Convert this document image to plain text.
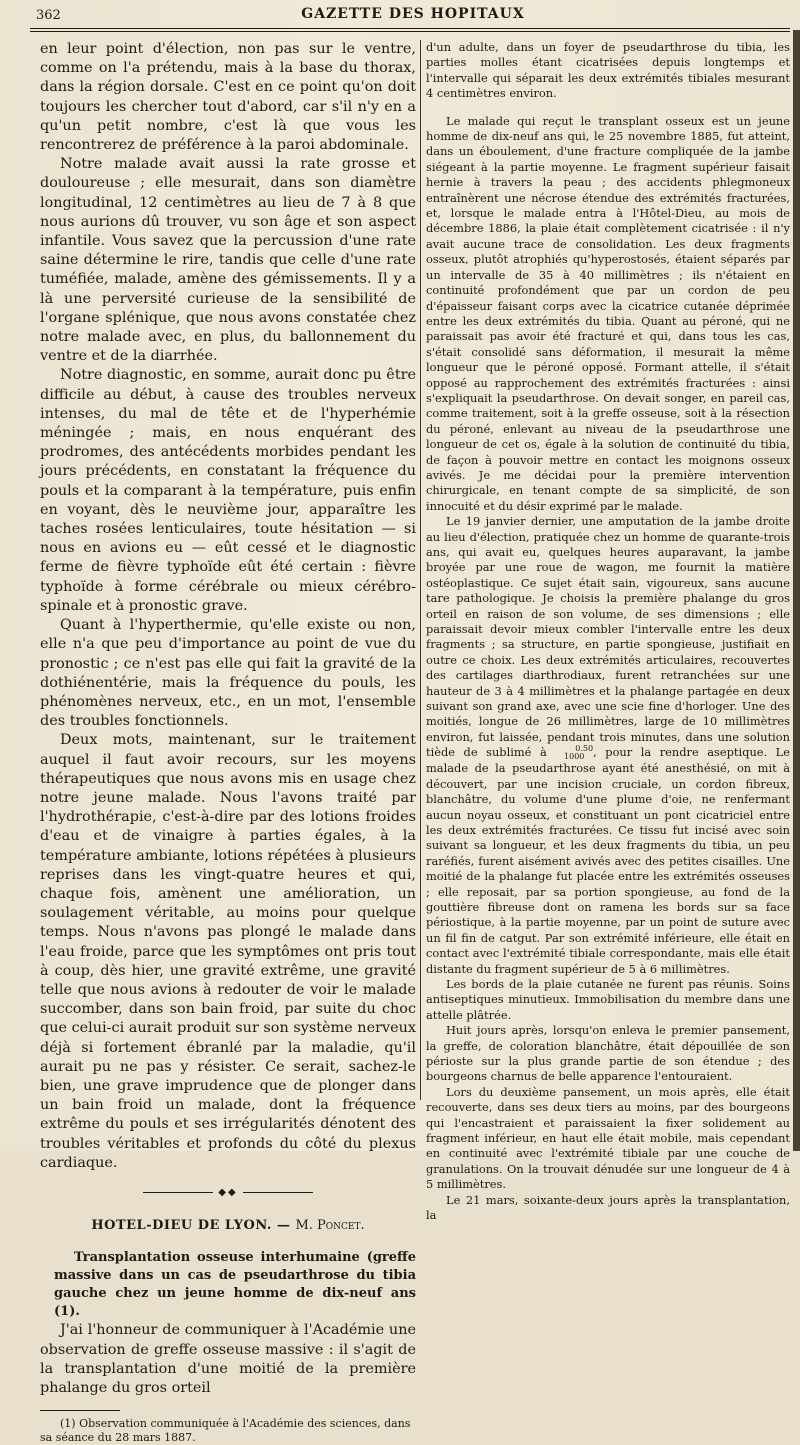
362	GAZETTE DES HOPITAUX

en leur point d'élection, non pas sur le ventre, comme on l'a prétendu, mais à la base du thorax, dans la région dorsale. C'est en ce point qu'on doit toujours les chercher tout d'abord, car s'il n'y en a qu'un petit nombre, c'est là que vous les rencontrerez de préférence à la paroi abdominale.

Notre malade avait aussi la rate grosse et douloureuse ; elle mesurait, dans son diamètre longitudinal, 12 centimètres au lieu de 7 à 8 que nous aurions dû trouver, vu son âge et son aspect infantile. Vous savez que la percussion d'une rate saine détermine le rire, tandis que celle d'une rate tuméfiée, malade, amène des gémissements. Il y a là une perversité curieuse de la sensibilité de l'organe splénique, que nous avons constatée chez notre malade avec, en plus, du ballonnement du ventre et de la diarrhée.

Notre diagnostic, en somme, aurait donc pu être difficile au début, à cause des troubles nerveux intenses, du mal de tête et de l'hyperhémie méningée ; mais, en nous enquérant des prodromes, des antécédents morbides pendant les jours précédents, en constatant la fréquence du pouls et la comparant à la température, puis enfin en voyant, dès le neuvième jour, apparaître les taches rosées lenticulaires, toute hésitation — si nous en avions eu — eût cessé et le diagnostic ferme de fièvre typhoïde eût été certain : fièvre typhoïde à forme cérébrale ou mieux cérébro-spinale et à pronostic grave.

Quant à l'hyperthermie, qu'elle existe ou non, elle n'a que peu d'importance au point de vue du pronostic ; ce n'est pas elle qui fait la gravité de la dothiénentérie, mais la fréquence du pouls, les phénomènes nerveux, etc., en un mot, l'ensemble des troubles fonctionnels.

Deux mots, maintenant, sur le traitement auquel il faut avoir recours, sur les moyens thérapeutiques que nous avons mis en usage chez notre jeune malade. Nous l'avons traité par l'hydrothérapie, c'est-à-dire par des lotions froides d'eau et de vinaigre à parties égales, à la température ambiante, lotions répétées à plusieurs reprises dans les vingt-quatre heures et qui, chaque fois, amènent une amélioration, un soulagement véritable, au moins pour quelque temps. Nous n'avons pas plongé le malade dans l'eau froide, parce que les symptômes ont pris tout à coup, dès hier, une gravité extrême, une gravité telle que nous avions à redouter de voir le malade succomber, dans son bain froid, par suite du choc que celui-ci aurait produit sur son système nerveux déjà si fortement ébranlé par la maladie, qu'il aurait pu ne pas y résister. Ce serait, sachez-le bien, une grave imprudence que de plonger dans un bain froid un malade, dont la fréquence extrême du pouls et ses irrégularités dénotent des troubles véritables et profonds du côté du plexus cardiaque.

◆◆
HOTEL-DIEU DE LYON. — M. Poncet.

Transplantation osseuse interhumaine (greffe massive dans un cas de pseudarthrose du tibia gauche chez un jeune homme de dix-neuf ans (1).

J'ai l'honneur de communiquer à l'Académie une observation de greffe osseuse massive : il s'agit de la transplantation d'une moitié de la première phalange du gros orteil

(1) Observation communiquée à l'Académie des sciences, dans sa séance du 28 mars 1887.

d'un adulte, dans un foyer de pseudarthrose du tibia, les parties molles étant cicatrisées depuis longtemps et l'intervalle qui séparait les deux extrémités tibiales mesurant 4 centimètres environ.

Le malade qui reçut le transplant osseux est un jeune homme de dix-neuf ans qui, le 25 novembre 1885, fut atteint, dans un éboulement, d'une fracture compliquée de la jambe siégeant à la partie moyenne. Le fragment supérieur faisait hernie à travers la peau ; des accidents phlegmoneux entraînèrent une nécrose étendue des extrémités fracturées, et, lorsque le malade entra à l'Hôtel-Dieu, au mois de décembre 1886, la plaie était complètement cicatrisée : il n'y avait aucune trace de consolidation. Les deux fragments osseux, plutôt atrophiés qu'hyperostosés, étaient séparés par un intervalle de 35 à 40 millimètres ; ils n'étaient en continuité profondément que par un cordon de peu d'épaisseur faisant corps avec la cicatrice cutanée déprimée entre les deux extrémités du tibia. Quant au péroné, qui ne paraissait pas avoir été fracturé et qui, dans tous les cas, s'était consolidé sans déformation, il mesurait la même longueur que le péroné opposé. Formant attelle, il s'était opposé au rapprochement des extrémités fracturées : ainsi s'expliquait la pseudarthrose. On devait songer, en pareil cas, comme traitement, soit à la greffe osseuse, soit à la résection du péroné, enlevant au niveau de la pseudarthrose une longueur de cet os, égale à la solution de continuité du tibia, de façon à pouvoir mettre en contact les moignons osseux avivés. Je me décidai pour la première intervention chirurgicale, en tenant compte de sa simplicité, de son innocuité et du désir exprimé par le malade.

Le 19 janvier dernier, une amputation de la jambe droite au lieu d'élection, pratiquée chez un homme de quarante-trois ans, qui avait eu, quelques heures auparavant, la jambe broyée par une roue de wagon, me fournit la matière ostéoplastique. Ce sujet était sain, vigoureux, sans aucune tare pathologique. Je choisis la première phalange du gros orteil en raison de son volume, de ses dimensions ; elle paraissait devoir mieux combler l'intervalle entre les deux fragments ; sa structure, en partie spongieuse, justifiait en outre ce choix. Les deux extrémités articulaires, recouvertes des cartilages diarthrodiaux, furent retranchées sur une hauteur de 3 à 4 millimètres et la phalange partagée en deux suivant son grand axe, avec une scie fine d'horloger. Une des moitiés, longue de 26 millimètres, large de 10 millimètres environ, fut laissée, pendant trois minutes, dans une solution tiède de sublimé à	0.50
1000 , pour la rendre aseptique. Le malade de la pseudarthrose ayant été anesthésié, on mit à découvert, par une incision cruciale, un cordon fibreux, blanchâtre, du volume d'une plume d'oie, ne renfermant aucun noyau osseux, et constituant un pont cicatriciel entre les deux extrémités fracturées. Ce tissu fut incisé avec soin suivant sa longueur, et les deux fragments du tibia, un peu raréfiés, furent aisément avivés avec des petites cisailles. Une moitié de la phalange fut placée entre les extrémités osseuses ; elle reposait, par sa portion spongieuse, au fond de la gouttière fibreuse dont on ramena les bords sur sa face périostique, à la partie moyenne, par un point de suture avec un fil fin de catgut. Par son extrémité inférieure, elle était en contact avec l'extrémité tibiale correspondante, mais elle était distante du fragment supérieur de 5 à 6 millimètres.

Les bords de la plaie cutanée ne furent pas réunis. Soins antiseptiques minutieux. Immobilisation du membre dans une attelle plâtrée.

Huit jours après, lorsqu'on enleva le premier pansement, la greffe, de coloration blanchâtre, était dépouillée de son périoste sur la plus grande partie de son étendue ; des bourgeons charnus de belle apparence l'entouraient.

Lors du deuxième pansement, un mois après, elle était recouverte, dans ses deux tiers au moins, par des bourgeons qui l'encastraient et paraissaient la fixer solidement au fragment inférieur, en haut elle était mobile, mais cependant en continuité avec l'extrémité tibiale par une couche de granulations. On la trouvait dénudée sur une longueur de 4 à 5 millimètres.

Le 21 mars, soixante-deux jours après la transplantation, la
